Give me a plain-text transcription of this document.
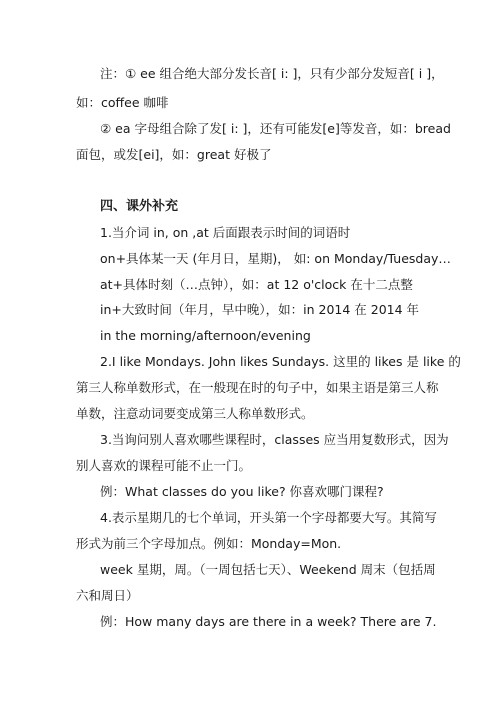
注：① ee 组合绝大部分发长音[ i: ]，只有少部分发短音[ i ]，
如：coffee 咖啡
② ea 字母组合除了发[ i: ]，还有可能发[e]等发音，如：bread
面包，或发[ei]，如：great 好极了
四、课外补充
1.当介词 in, on ,at 后面跟表示时间的词语时
on+具体某一天 (年月日，星期)， 如: on Monday/Tuesday…
at+具体时刻（…点钟），如：at 12 o'clock 在十二点整
in+大致时间（年月，早中晚），如：in 2014 在 2014 年
in the morning/afternoon/evening
2.I like Mondays. John likes Sundays. 这里的 likes 是 like 的
第三人称单数形式，在一般现在时的句子中，如果主语是第三人称
单数，注意动词要变成第三人称单数形式。
3.当询问别人喜欢哪些课程时，classes 应当用复数形式，因为
别人喜欢的课程可能不止一门。
例：What classes do you like? 你喜欢哪门课程?
4.表示星期几的七个单词，开头第一个字母都要大写。其简写
形式为前三个字母加点。例如：Monday=Mon.
week 星期，周。（一周包括七天）、Weekend 周末（包括周
六和周日）
例：How many days are there in a week? There are 7.
